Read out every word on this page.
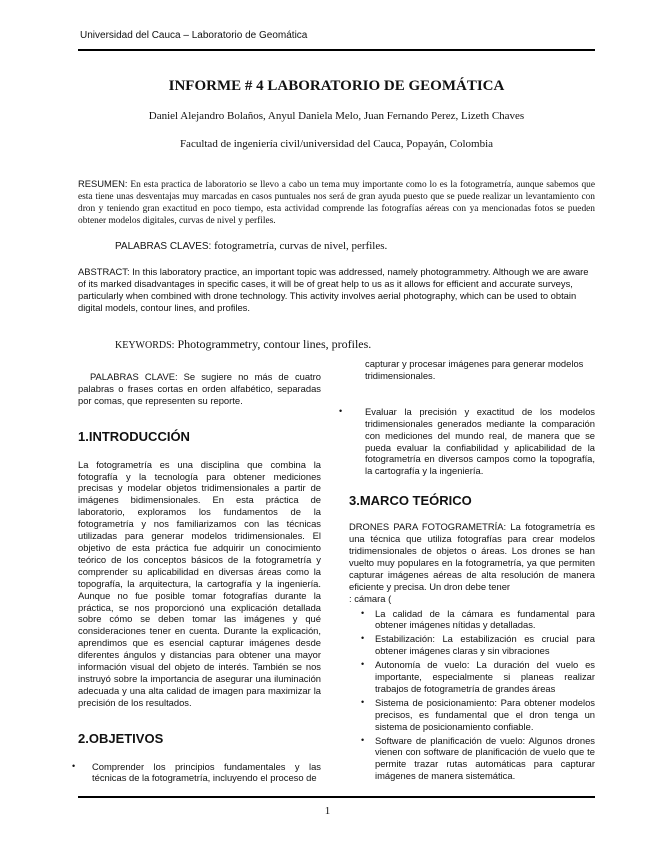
Universidad del Cauca – Laboratorio de Geomática
INFORME # 4 LABORATORIO DE GEOMÁTICA
Daniel Alejandro Bolaños, Anyul Daniela Melo, Juan Fernando Perez, Lizeth Chaves
Facultad de ingeniería civil/universidad del Cauca, Popayán, Colombia
RESUMEN: En esta practica de laboratorio se llevo a cabo un tema muy importante como lo es la fotogrametría, aunque sabemos que esta tiene unas desventajas muy marcadas en casos puntuales nos será de gran ayuda puesto que se puede realizar un levantamiento con dron y teniendo gran exactitud en poco tiempo, esta actividad comprende las fotografías aéreas con ya mencionadas fotos se pueden obtener modelos digitales, curvas de nivel y perfiles.
PALABRAS CLAVES: fotogrametría, curvas de nivel, perfiles.
ABSTRACT: In this laboratory practice, an important topic was addressed, namely photogrammetry. Although we are aware of its marked disadvantages in specific cases, it will be of great help to us as it allows for efficient and accurate surveys, particularly when combined with drone technology. This activity involves aerial photography, which can be used to obtain digital models, contour lines, and profiles.
KEYWORDS: Photogrammetry, contour lines, profiles.
PALABRAS CLAVE: Se sugiere no más de cuatro palabras o frases cortas en orden alfabético, separadas por comas, que representen su reporte.
1.INTRODUCCIÓN
La fotogrametría es una disciplina que combina la fotografía y la tecnología para obtener mediciones precisas y modelar objetos tridimensionales a partir de imágenes bidimensionales. En esta práctica de laboratorio, exploramos los fundamentos de la fotogrametría y nos familiarizamos con las técnicas utilizadas para generar modelos tridimensionales. El objetivo de esta práctica fue adquirir un conocimiento teórico de los conceptos básicos de la fotogrametría y comprender su aplicabilidad en diversas áreas como la topografía, la arquitectura, la cartografía y la ingeniería. Aunque no fue posible tomar fotografías durante la práctica, se nos proporcionó una explicación detallada sobre cómo se deben tomar las imágenes y qué consideraciones tener en cuenta. Durante la explicación, aprendimos que es esencial capturar imágenes desde diferentes ángulos y distancias para obtener una mayor información visual del objeto de interés. También se nos instruyó sobre la importancia de asegurar una iluminación adecuada y una alta calidad de imagen para maximizar la precisión de los resultados.
2.OBJETIVOS
• Comprender los principios fundamentales y las técnicas de la fotogrametría, incluyendo el proceso de
capturar y procesar imágenes para generar modelos tridimensionales.
• Evaluar la precisión y exactitud de los modelos tridimensionales generados mediante la comparación con mediciones del mundo real, de manera que se pueda evaluar la confiabilidad y aplicabilidad de la fotogrametría en diversos campos como la topografía, la cartografía y la ingeniería.
3.MARCO TEÓRICO
DRONES PARA FOTOGRAMETRÍA: La fotogrametría es una técnica que utiliza fotografías para crear modelos tridimensionales de objetos o áreas. Los drones se han vuelto muy populares en la fotogrametría, ya que permiten capturar imágenes aéreas de alta resolución de manera eficiente y precisa. Un dron debe tener
: cámara (
• La calidad de la cámara es fundamental para obtener imágenes nítidas y detalladas.
• Estabilización: La estabilización es crucial para obtener imágenes claras y sin vibraciones
• Autonomía de vuelo: La duración del vuelo es importante, especialmente si planeas realizar trabajos de fotogrametría de grandes áreas
• Sistema de posicionamiento: Para obtener modelos precisos, es fundamental que el dron tenga un sistema de posicionamiento confiable.
• Software de planificación de vuelo: Algunos drones vienen con software de planificación de vuelo que te permite trazar rutas automáticas para capturar imágenes de manera sistemática.
1
